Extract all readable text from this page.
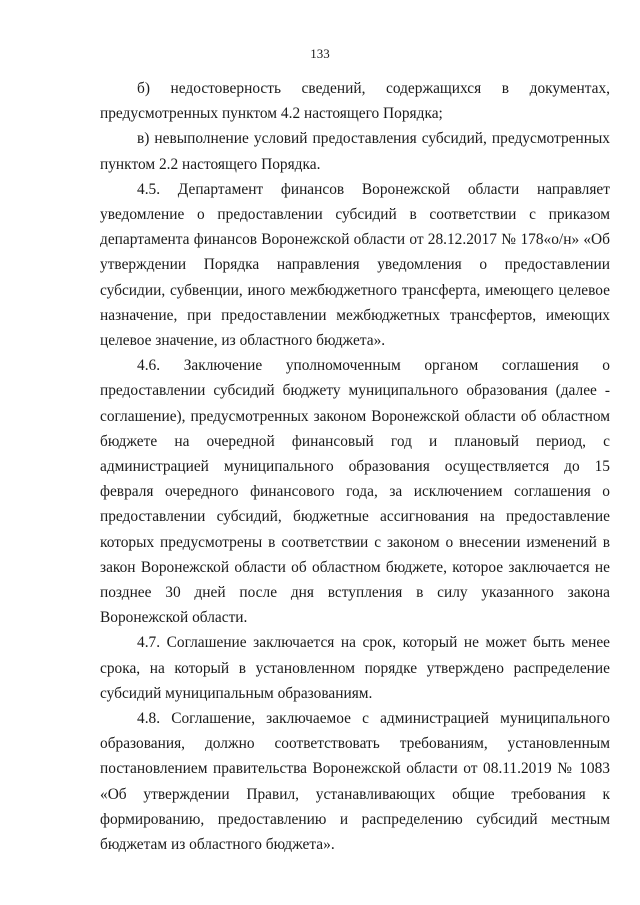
133

б) недостоверность сведений, содержащихся в документах, предусмотренных пунктом 4.2 настоящего Порядка;

в) невыполнение условий предоставления субсидий, предусмотренных пунктом 2.2 настоящего Порядка.

4.5. Департамент финансов Воронежской области направляет уведомление о предоставлении субсидий в соответствии с приказом департамента финансов Воронежской области от 28.12.2017 № 178«о/н» «Об утверждении Порядка направления уведомления о предоставлении субсидии, субвенции, иного межбюджетного трансферта, имеющего целевое назначение, при предоставлении межбюджетных трансфертов, имеющих целевое значение, из областного бюджета».

4.6. Заключение уполномоченным органом соглашения о предоставлении субсидий бюджету муниципального образования (далее - соглашение), предусмотренных законом Воронежской области об областном бюджете на очередной финансовый год и плановый период, с администрацией муниципального образования осуществляется до 15 февраля очередного финансового года, за исключением соглашения о предоставлении субсидий, бюджетные ассигнования на предоставление которых предусмотрены в соответствии с законом о внесении изменений в закон Воронежской области об областном бюджете, которое заключается не позднее 30 дней после дня вступления в силу указанного закона Воронежской области.

4.7. Соглашение заключается на срок, который не может быть менее срока, на который в установленном порядке утверждено распределение субсидий муниципальным образованиям.

4.8. Соглашение, заключаемое с администрацией муниципального образования, должно соответствовать требованиям, установленным постановлением правительства Воронежской области от 08.11.2019 № 1083 «Об утверждении Правил, устанавливающих общие требования к формированию, предоставлению и распределению субсидий местным бюджетам из областного бюджета».
